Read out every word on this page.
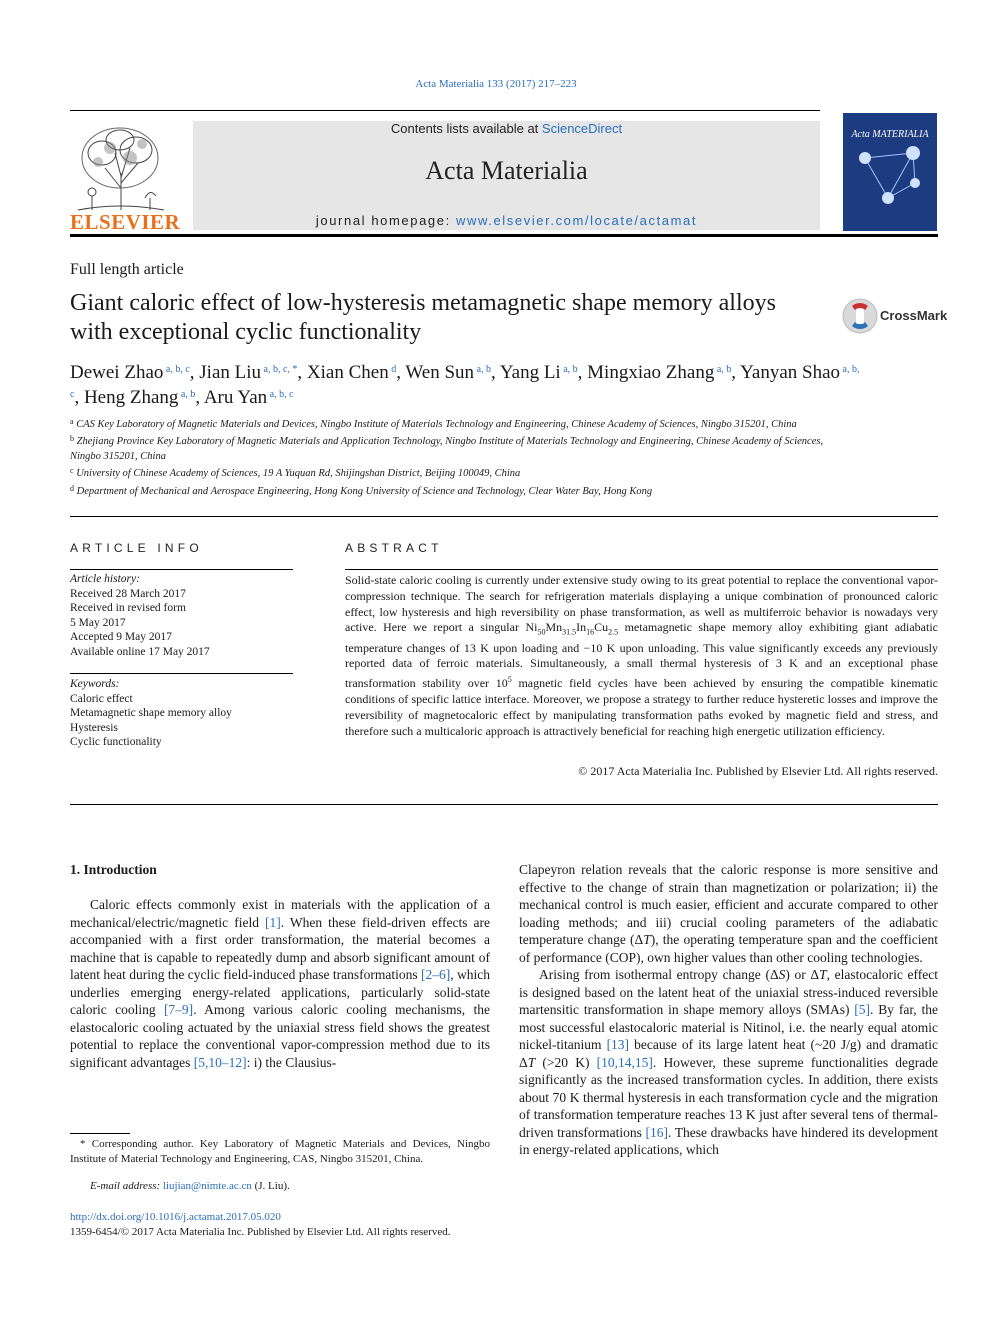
Acta Materialia 133 (2017) 217–223
ELSEVIER
Contents lists available at ScienceDirect
Acta Materialia
journal homepage: www.elsevier.com/locate/actamat
Acta MATERIALIA
Full length article
Giant caloric effect of low-hysteresis metamagnetic shape memory alloys with exceptional cyclic functionality
CrossMark
Dewei Zhao $^{a, b, c}$, Jian Liu $^{a, b, c, *}$, Xian Chen $^d$, Wen Sun $^{a, b}$, Yang Li $^{a, b}$, Mingxiao Zhang $^{a, b}$, Yanyan Shao $^{a, b, c}$, Heng Zhang $^{a, b}$, Aru Yan $^{a, b, c}$
$^a$ CAS Key Laboratory of Magnetic Materials and Devices, Ningbo Institute of Materials Technology and Engineering, Chinese Academy of Sciences, Ningbo 315201, China
$^b$ Zhejiang Province Key Laboratory of Magnetic Materials and Application Technology, Ningbo Institute of Materials Technology and Engineering, Chinese Academy of Sciences, Ningbo 315201, China
$^c$ University of Chinese Academy of Sciences, 19 A Yuquan Rd, Shijingshan District, Beijing 100049, China
$^d$ Department of Mechanical and Aerospace Engineering, Hong Kong University of Science and Technology, Clear Water Bay, Hong Kong
ARTICLE INFO
Article history:
Received 28 March 2017
Received in revised form
5 May 2017
Accepted 9 May 2017
Available online 17 May 2017
Keywords:
Caloric effect
Metamagnetic shape memory alloy
Hysteresis
Cyclic functionality
ABSTRACT
Solid-state caloric cooling is currently under extensive study owing to its great potential to replace the conventional vapor-compression technique. The search for refrigeration materials displaying a unique combination of pronounced caloric effect, low hysteresis and high reversibility on phase transformation, as well as multiferroic behavior is nowadays very active. Here we report a singular $Ni_{50}Mn_{31.5}In_{16}Cu_{2.5}$ metamagnetic shape memory alloy exhibiting giant adiabatic temperature changes of 13 K upon loading and −10 K upon unloading. This value significantly exceeds any previously reported data of ferroic materials. Simultaneously, a small thermal hysteresis of 3 K and an exceptional phase transformation stability over $10^5$ magnetic field cycles have been achieved by ensuring the compatible kinematic conditions of specific lattice interface. Moreover, we propose a strategy to further reduce hysteretic losses and improve the reversibility of magnetocaloric effect by manipulating transformation paths evoked by magnetic field and stress, and therefore such a multicaloric approach is attractively beneficial for reaching high energetic utilization efficiency.
© 2017 Acta Materialia Inc. Published by Elsevier Ltd. All rights reserved.
1. Introduction

Caloric effects commonly exist in materials with the application of a mechanical/electric/magnetic field [1]. When these field-driven effects are accompanied with a first order transformation, the material becomes a machine that is capable to repeatedly dump and absorb significant amount of latent heat during the cyclic field-induced phase transformations [2–6], which underlies emerging energy-related applications, particularly solid-state caloric cooling [7–9]. Among various caloric cooling mechanisms, the elastocaloric cooling actuated by the uniaxial stress field shows the greatest potential to replace the conventional vapor-compression method due to its significant advantages [5,10–12]: i) the Clausius-

Clapeyron relation reveals that the caloric response is more sensitive and effective to the change of strain than magnetization or polarization; ii) the mechanical control is much easier, efficient and accurate compared to other loading methods; and iii) crucial cooling parameters of the adiabatic temperature change (ΔT), the operating temperature span and the coefficient of performance (COP), own higher values than other cooling technologies.

Arising from isothermal entropy change (ΔS) or ΔT, elastocaloric effect is designed based on the latent heat of the uniaxial stress-induced reversible martensitic transformation in shape memory alloys (SMAs) [5]. By far, the most successful elastocaloric material is Nitinol, i.e. the nearly equal atomic nickel-titanium [13] because of its large latent heat (~20 J/g) and dramatic ΔT (>20 K) [10,14,15]. However, these supreme functionalities degrade significantly as the increased transformation cycles. In addition, there exists about 70 K thermal hysteresis in each transformation cycle and the migration of transformation temperature reaches 13 K just after several tens of thermal-driven transformations [16]. These drawbacks have hindered its development in energy-related applications, which

* Corresponding author. Key Laboratory of Magnetic Materials and Devices, Ningbo Institute of Material Technology and Engineering, CAS, Ningbo 315201, China.
E-mail address: liujian@nimte.ac.cn (J. Liu).
http://dx.doi.org/10.1016/j.actamat.2017.05.020
1359-6454/© 2017 Acta Materialia Inc. Published by Elsevier Ltd. All rights reserved.
